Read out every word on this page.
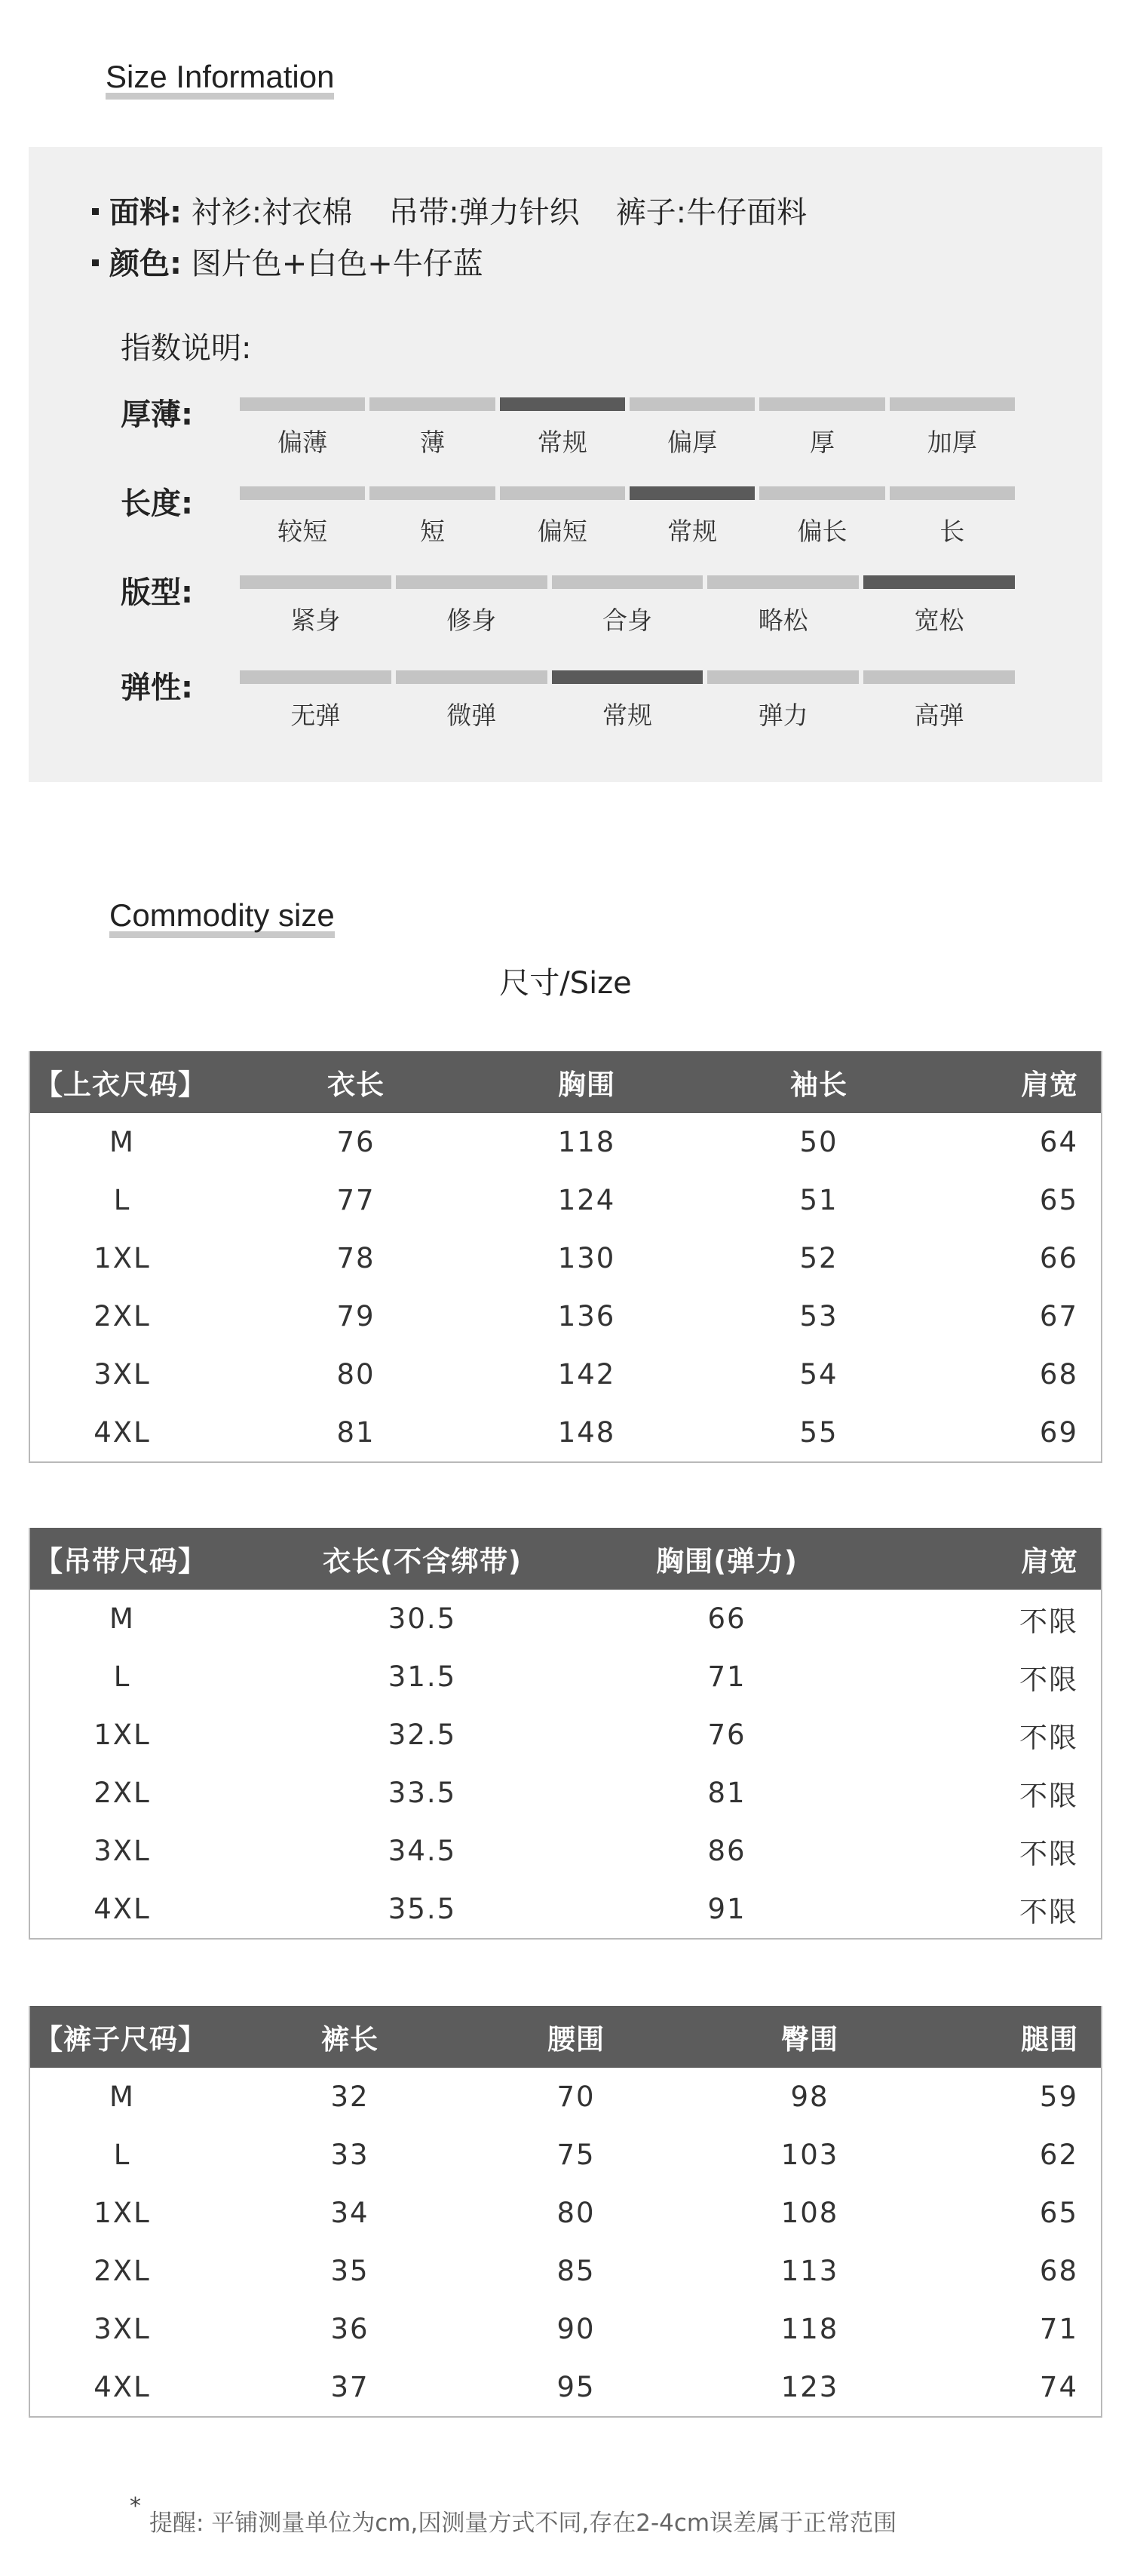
Size Information
面料: 衬衫:衬衣棉 吊带:弹力针织 裤子:牛仔面料
颜色: 图片色+白色+牛仔蓝
指数说明:
厚薄:
偏薄	薄	常规	偏厚	厚	加厚
长度:
较短	短	偏短	常规	偏长	长
版型:
紧身	修身	合身	略松	宽松
弹性:
无弹	微弹	常规	弹力	高弹
Commodity size
尺寸/Size
【上衣尺码】	衣长	胸围	袖长	肩宽
M	76	118	50	64
L	77	124	51	65
1XL	78	130	52	66
2XL	79	136	53	67
3XL	80	142	54	68
4XL	81	148	55	69
【吊带尺码】	衣长(不含绑带)	胸围(弹力)	肩宽
M	30.5	66	不限
L	31.5	71	不限
1XL	32.5	76	不限
2XL	33.5	81	不限
3XL	34.5	86	不限
4XL	35.5	91	不限
【裤子尺码】	裤长	腰围	臀围	腿围
M	32	70	98	59
L	33	75	103	62
1XL	34	80	108	65
2XL	35	85	113	68
3XL	36	90	118	71
4XL	37	95	123	74
*
提醒: 平铺测量单位为cm,因测量方式不同,存在2-4cm误差属于正常范围
